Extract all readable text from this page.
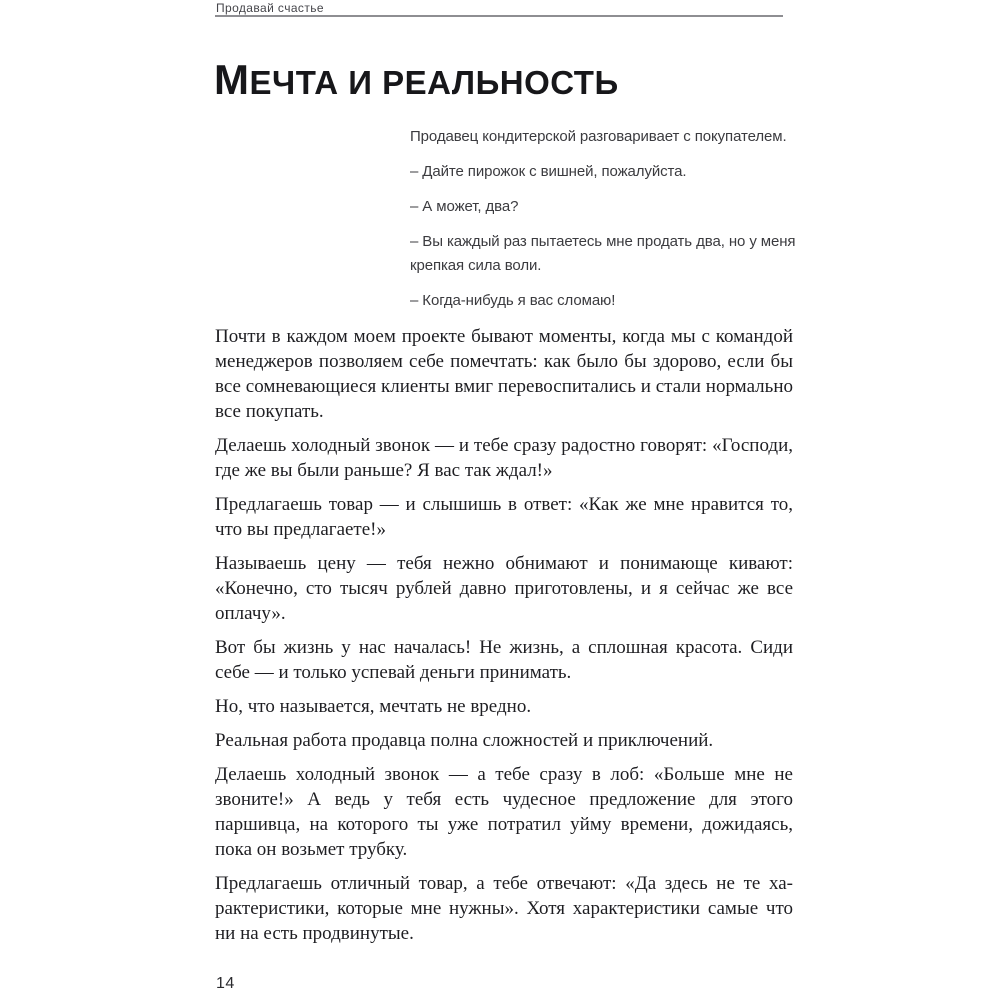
Продавай счастье
МЕЧТА И РЕАЛЬНОСТЬ

Продавец кондитерской разговаривает с покупателем.

– Дайте пирожок с вишней, пожалуйста.

– А может, два?

– Вы каждый раз пытаетесь мне продать два, но у меня крепкая сила воли.

– Когда-нибудь я вас сломаю!

Почти в каждом моем проекте бывают моменты, когда мы с командой менеджеров позволяем себе помечтать: как было бы здорово, если бы все сомневающиеся клиенты вмиг перевоспитались и стали нормально все покупать.

Делаешь холодный звонок — и тебе сразу радостно говорят: «Господи, где же вы были раньше? Я вас так ждал!»

Предлагаешь товар — и слышишь в ответ: «Как же мне нравится то, что вы предлагаете!»

Называешь цену — тебя нежно обнимают и понимающе кивают: «Конечно, сто тысяч рублей давно приготовлены, и я сейчас же все оплачу».

Вот бы жизнь у нас началась! Не жизнь, а сплошная красота. Сиди себе — и только успевай деньги принимать.

Но, что называется, мечтать не вредно.

Реальная работа продавца полна сложностей и приключений.

Делаешь холодный звонок — а тебе сразу в лоб: «Больше мне не звоните!» А ведь у тебя есть чудесное предложение для этого паршивца, на которого ты уже потратил уйму времени, дожидаясь, пока он возьмет трубку.

Предлагаешь отличный товар, а тебе отвечают: «Да здесь не те характеристики, которые мне нужны». Хотя характеристики самые что ни на есть продвинутые.

14
